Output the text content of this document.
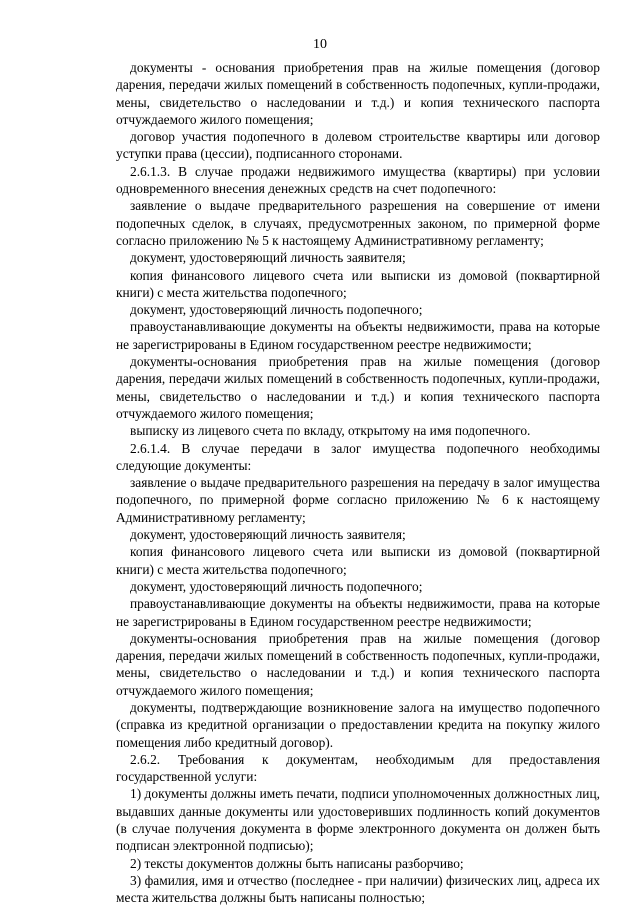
10

документы - основания приобретения прав на жилые помещения (договор дарения, передачи жилых помещений в собственность подопечных, купли-продажи, мены, свидетельство о наследовании и т.д.) и копия технического паспорта отчуждаемого жилого помещения;

договор участия подопечного в долевом строительстве квартиры или договор уступки права (цессии), подписанного сторонами.

2.6.1.3. В случае продажи недвижимого имущества (квартиры) при условии одновременного внесения денежных средств на счет подопечного:

заявление о выдаче предварительного разрешения на совершение от имени подопечных сделок, в случаях, предусмотренных законом, по примерной форме согласно приложению № 5 к настоящему Административному регламенту;

документ, удостоверяющий личность заявителя;

копия финансового лицевого счета или выписки из домовой (поквартирной книги) с места жительства подопечного;

документ, удостоверяющий личность подопечного;

правоустанавливающие документы на объекты недвижимости, права на которые не зарегистрированы в Едином государственном реестре недвижимости;

документы-основания приобретения прав на жилые помещения (договор дарения, передачи жилых помещений в собственность подопечных, купли-продажи, мены, свидетельство о наследовании и т.д.) и копия технического паспорта отчуждаемого жилого помещения;

выписку из лицевого счета по вкладу, открытому на имя подопечного.

2.6.1.4. В случае передачи в залог имущества подопечного необходимы следующие документы:

заявление о выдаче предварительного разрешения на передачу в залог имущества подопечного, по примерной форме согласно приложению № 6 к настоящему Административному регламенту;

документ, удостоверяющий личность заявителя;

копия финансового лицевого счета или выписки из домовой (поквартирной книги) с места жительства подопечного;

документ, удостоверяющий личность подопечного;

правоустанавливающие документы на объекты недвижимости, права на которые не зарегистрированы в Едином государственном реестре недвижимости;

документы-основания приобретения прав на жилые помещения (договор дарения, передачи жилых помещений в собственность подопечных, купли-продажи, мены, свидетельство о наследовании и т.д.) и копия технического паспорта отчуждаемого жилого помещения;

документы, подтверждающие возникновение залога на имущество подопечного (справка из кредитной организации о предоставлении кредита на покупку жилого помещения либо кредитный договор).

2.6.2. Требования к документам, необходимым для предоставления государственной услуги:

1) документы должны иметь печати, подписи уполномоченных должностных лиц, выдавших данные документы или удостоверивших подлинность копий документов (в случае получения документа в форме электронного документа он должен быть подписан электронной подписью);

2) тексты документов должны быть написаны разборчиво;

3) фамилия, имя и отчество (последнее - при наличии) физических лиц, адреса их места жительства должны быть написаны полностью;
